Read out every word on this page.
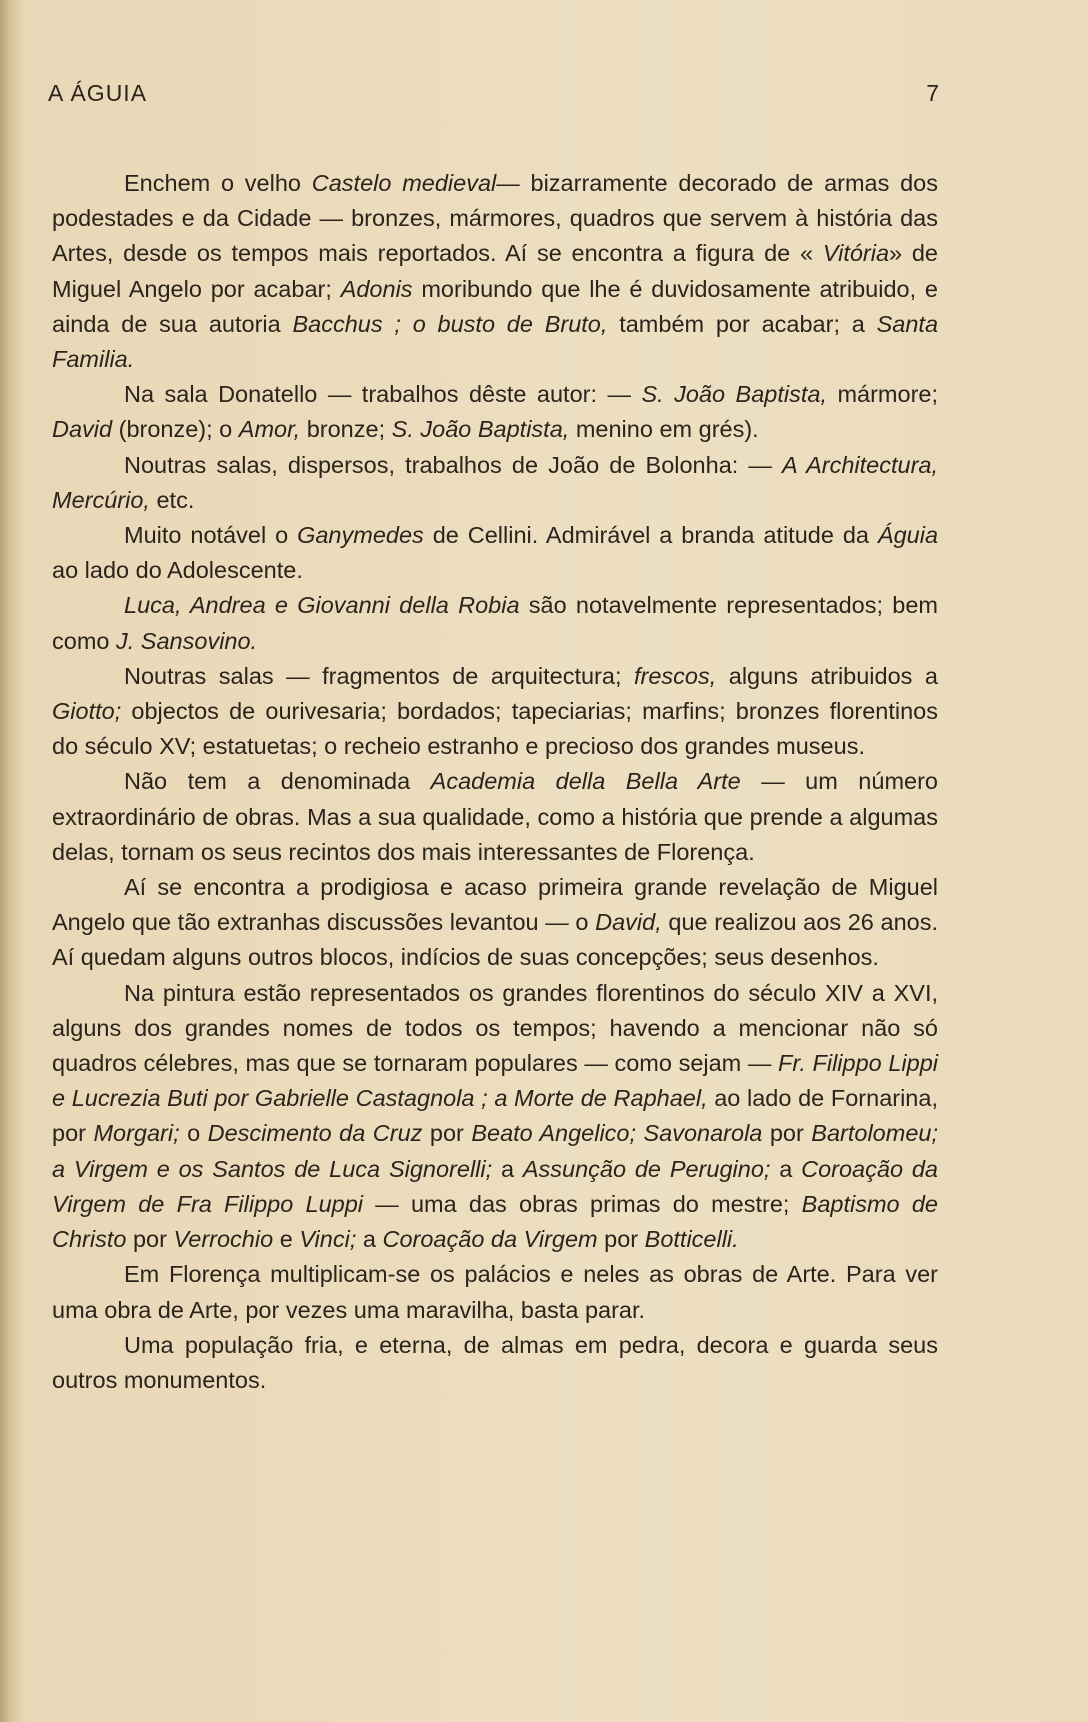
A ÁGUIA	7

Enchem o velho Castelo medieval— bizarramente decorado de armas dos podestades e da Cidade — bronzes, mármores, quadros que servem à história das Artes, desde os tempos mais reportados. Aí se encontra a figura de « Vitória» de Miguel Angelo por acabar; Adonis moribundo que lhe é duvidosamente atribuido, e ainda de sua autoria Bacchus ; o busto de Bruto, também por acabar; a Santa Familia.

Na sala Donatello — trabalhos dêste autor: — S. João Baptista, mármore; David (bronze); o Amor, bronze; S. João Baptista, menino em grés).

Noutras salas, dispersos, trabalhos de João de Bolonha: — A Architectura, Mercúrio, etc.

Muito notável o Ganymedes de Cellini. Admirável a branda atitude da Águia ao lado do Adolescente.

Luca, Andrea e Giovanni della Robia são notavelmente representados; bem como J. Sansovino.

Noutras salas — fragmentos de arquitectura; frescos, alguns atribuidos a Giotto; objectos de ourivesaria; bordados; tapeciarias; marfins; bronzes florentinos do século XV; estatuetas; o recheio estranho e precioso dos grandes museus.

Não tem a denominada Academia della Bella Arte — um número extraordinário de obras. Mas a sua qualidade, como a história que prende a algumas delas, tornam os seus recintos dos mais interessantes de Florença.

Aí se encontra a prodigiosa e acaso primeira grande revelação de Miguel Angelo que tão extranhas discussões levantou — o David, que realizou aos 26 anos. Aí quedam alguns outros blocos, indícios de suas concepções; seus desenhos.

Na pintura estão representados os grandes florentinos do século XIV a XVI, alguns dos grandes nomes de todos os tempos; havendo a mencionar não só quadros célebres, mas que se tornaram populares — como sejam — Fr. Filippo Lippi e Lucrezia Buti por Gabrielle Castagnola ; a Morte de Raphael, ao lado de Fornarina, por Morgari; o Descimento da Cruz por Beato Angelico; Savonarola por Bartolomeu; a Virgem e os Santos de Luca Signorelli; a Assunção de Perugino; a Coroação da Virgem de Fra Filippo Luppi — uma das obras primas do mestre; Baptismo de Christo por Verrochio e Vinci; a Coroação da Virgem por Botticelli.

Em Florença multiplicam-se os palácios e neles as obras de Arte. Para ver uma obra de Arte, por vezes uma maravilha, basta parar.

Uma população fria, e eterna, de almas em pedra, decora e guarda seus outros monumentos.
